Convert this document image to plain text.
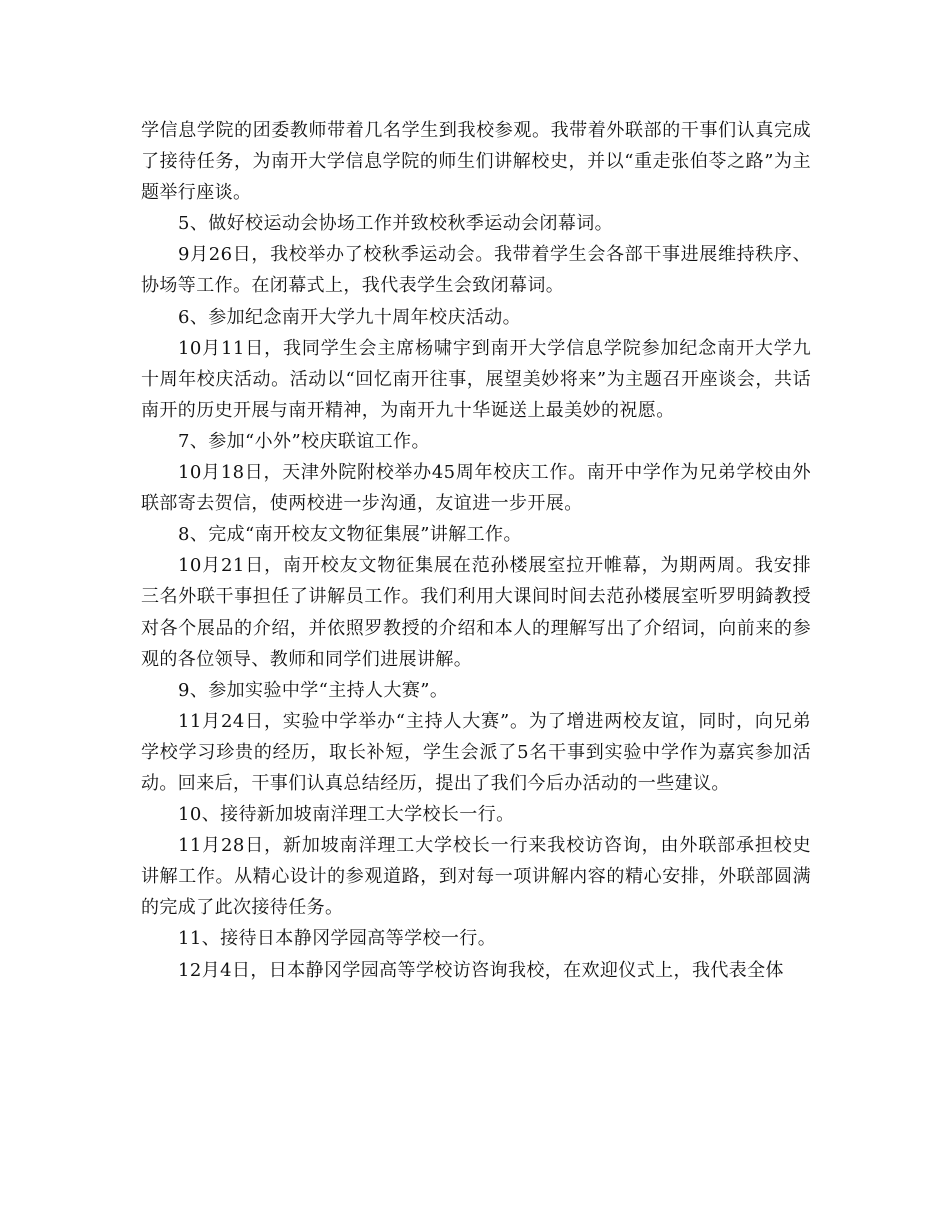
学信息学院的团委教师带着几名学生到我校参观。我带着外联部的干事们认真完成了接待任务，为南开大学信息学院的师生们讲解校史，并以“重走张伯苓之路”为主题举行座谈。

5、做好校运动会协场工作并致校秋季运动会闭幕词。

9月26日，我校举办了校秋季运动会。我带着学生会各部干事进展维持秩序、协场等工作。在闭幕式上，我代表学生会致闭幕词。

6、参加纪念南开大学九十周年校庆活动。

10月11日，我同学生会主席杨啸宇到南开大学信息学院参加纪念南开大学九十周年校庆活动。活动以“回忆南开往事，展望美妙将来”为主题召开座谈会，共话南开的历史开展与南开精神，为南开九十华诞送上最美妙的祝愿。

7、参加“小外”校庆联谊工作。

10月18日，天津外院附校举办45周年校庆工作。南开中学作为兄弟学校由外联部寄去贺信，使两校进一步沟通，友谊进一步开展。

8、完成“南开校友文物征集展”讲解工作。

10月21日，南开校友文物征集展在范孙楼展室拉开帷幕，为期两周。我安排三名外联干事担任了讲解员工作。我们利用大课间时间去范孙楼展室听罗明錡教授对各个展品的介绍，并依照罗教授的介绍和本人的理解写出了介绍词，向前来的参观的各位领导、教师和同学们进展讲解。

9、参加实验中学“主持人大赛”。

11月24日，实验中学举办“主持人大赛”。为了增进两校友谊，同时，向兄弟学校学习珍贵的经历，取长补短，学生会派了5名干事到实验中学作为嘉宾参加活动。回来后，干事们认真总结经历，提出了我们今后办活动的一些建议。

10、接待新加坡南洋理工大学校长一行。

11月28日，新加坡南洋理工大学校长一行来我校访咨询，由外联部承担校史讲解工作。从精心设计的参观道路，到对每一项讲解内容的精心安排，外联部圆满的完成了此次接待任务。

11、接待日本静冈学园高等学校一行。

12月4日，日本静冈学园高等学校访咨询我校，在欢迎仪式上，我代表全体
